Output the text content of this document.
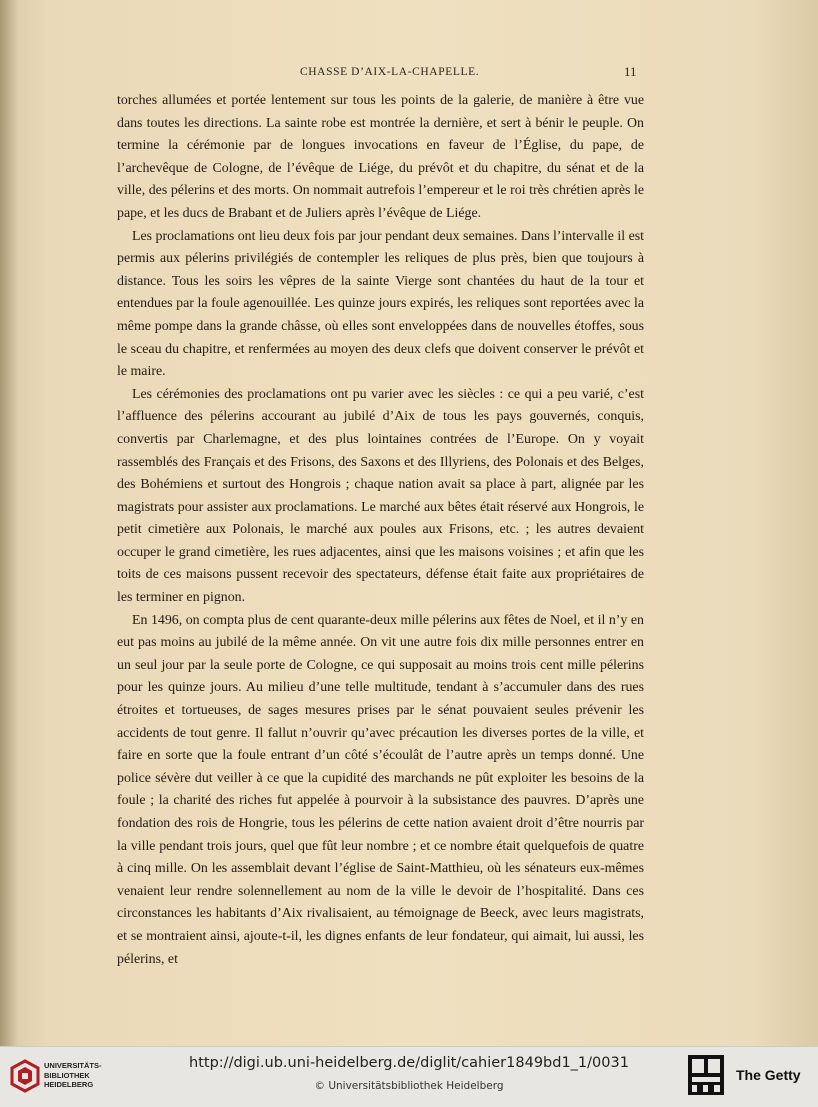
CHASSE D’AIX-LA-CHAPELLE.	11

torches allumées et portée lentement sur tous les points de la galerie, de manière à être vue dans toutes les directions. La sainte robe est montrée la dernière, et sert à bénir le peuple. On termine la cérémonie par de longues invocations en faveur de l’Église, du pape, de l’archevêque de Cologne, de l’évêque de Liége, du prévôt et du chapitre, du sénat et de la ville, des pélerins et des morts. On nommait autrefois l’empereur et le roi très chrétien après le pape, et les ducs de Brabant et de Juliers après l’évêque de Liége.

Les proclamations ont lieu deux fois par jour pendant deux semaines. Dans l’intervalle il est permis aux pélerins privilégiés de contempler les reliques de plus près, bien que toujours à distance. Tous les soirs les vêpres de la sainte Vierge sont chantées du haut de la tour et entendues par la foule agenouillée. Les quinze jours expirés, les reliques sont reportées avec la même pompe dans la grande châsse, où elles sont enveloppées dans de nouvelles étoffes, sous le sceau du chapitre, et renfermées au moyen des deux clefs que doivent conserver le prévôt et le maire.

Les cérémonies des proclamations ont pu varier avec les siècles : ce qui a peu varié, c’est l’affluence des pélerins accourant au jubilé d’Aix de tous les pays gouvernés, conquis, convertis par Charlemagne, et des plus lointaines contrées de l’Europe. On y voyait rassemblés des Français et des Frisons, des Saxons et des Illyriens, des Polonais et des Belges, des Bohémiens et surtout des Hongrois ; chaque nation avait sa place à part, alignée par les magistrats pour assister aux proclamations. Le marché aux bêtes était réservé aux Hongrois, le petit cimetière aux Polonais, le marché aux poules aux Frisons, etc. ; les autres devaient occuper le grand cimetière, les rues adjacentes, ainsi que les maisons voisines ; et afin que les toits de ces maisons pussent recevoir des spectateurs, défense était faite aux propriétaires de les terminer en pignon.

En 1496, on compta plus de cent quarante-deux mille pélerins aux fêtes de Noel, et il n’y en eut pas moins au jubilé de la même année. On vit une autre fois dix mille personnes entrer en un seul jour par la seule porte de Cologne, ce qui supposait au moins trois cent mille pélerins pour les quinze jours. Au milieu d’une telle multitude, tendant à s’accumuler dans des rues étroites et tortueuses, de sages mesures prises par le sénat pouvaient seules prévenir les accidents de tout genre. Il fallut n’ouvrir qu’avec précaution les diverses portes de la ville, et faire en sorte que la foule entrant d’un côté s’écoulât de l’autre après un temps donné. Une police sévère dut veiller à ce que la cupidité des marchands ne pût exploiter les besoins de la foule ; la charité des riches fut appelée à pourvoir à la subsistance des pauvres. D’après une fondation des rois de Hongrie, tous les pélerins de cette nation avaient droit d’être nourris par la ville pendant trois jours, quel que fût leur nombre ; et ce nombre était quelquefois de quatre à cinq mille. On les assemblait devant l’église de Saint-Matthieu, où les sénateurs eux-mêmes venaient leur rendre solennellement au nom de la ville le devoir de l’hospitalité. Dans ces circonstances les habitants d’Aix rivalisaient, au témoignage de Beeck, avec leurs magistrats, et se montraient ainsi, ajoute-t-il, les dignes enfants de leur fondateur, qui aimait, lui aussi, les pélerins, et

UNIVERSITÄTS-
BIBLIOTHEK
HEIDELBERG
http://digi.ub.uni-heidelberg.de/diglit/cahier1849bd1_1/0031
© Universitätsbibliothek Heidelberg
The Getty
